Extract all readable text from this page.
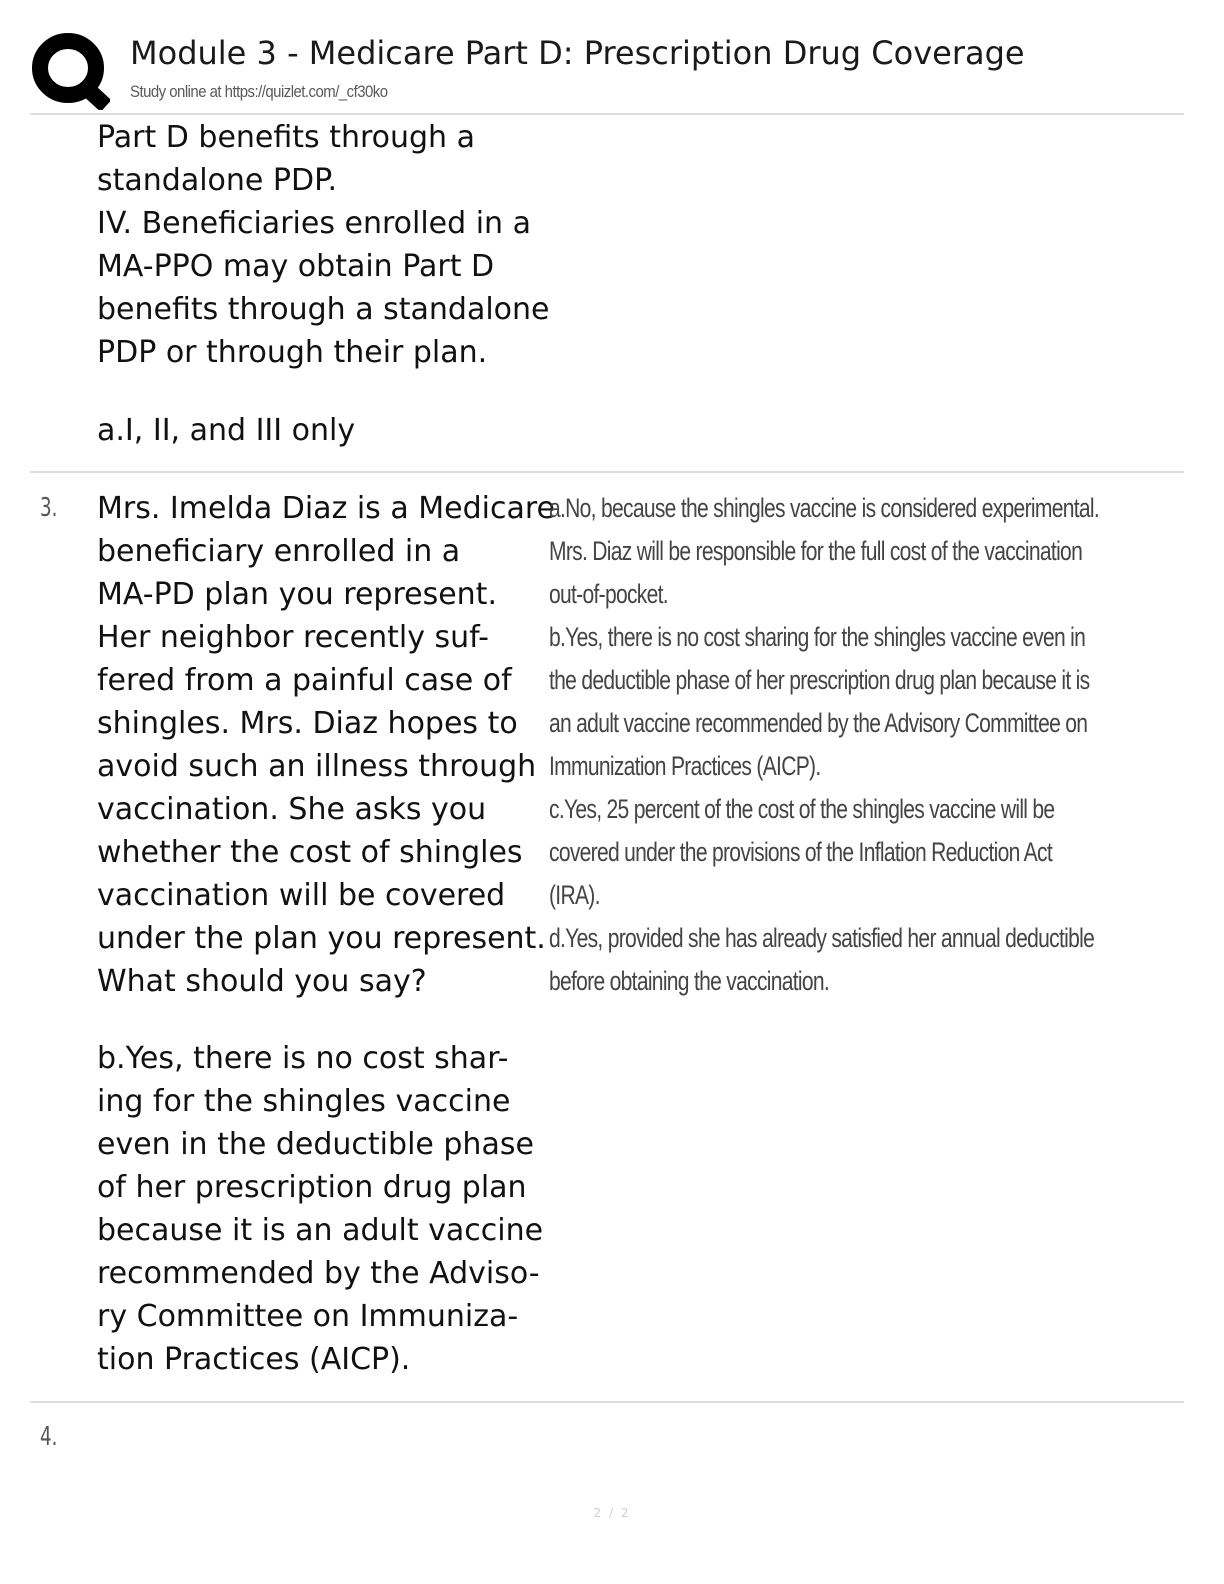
Module 3 - Medicare Part D: Prescription Drug Coverage
Study online at https://quizlet.com/_cf30ko
Part D benefits through a
standalone PDP.
IV. Beneficiaries enrolled in a
MA-PPO may obtain Part D
benefits through a standalone
PDP or through their plan.
a.I, II, and III only
3. Mrs. Imelda Diaz is a Medicare
beneficiary enrolled in a
MA-PD plan you represent.
Her neighbor recently suf-
fered from a painful case of
shingles. Mrs. Diaz hopes to
avoid such an illness through
vaccination. She asks you
whether the cost of shingles
vaccination will be covered
under the plan you represent.
What should you say?
a.No, because the shingles vaccine is considered experimental.
Mrs. Diaz will be responsible for the full cost of the vaccination
out-of-pocket.
b.Yes, there is no cost sharing for the shingles vaccine even in
the deductible phase of her prescription drug plan because it is
an adult vaccine recommended by the Advisory Committee on
Immunization Practices (AICP).
c.Yes, 25 percent of the cost of the shingles vaccine will be
covered under the provisions of the Inflation Reduction Act
(IRA).
d.Yes, provided she has already satisfied her annual deductible
before obtaining the vaccination.
b.Yes, there is no cost shar-
ing for the shingles vaccine
even in the deductible phase
of her prescription drug plan
because it is an adult vaccine
recommended by the Adviso-
ry Committee on Immuniza-
tion Practices (AICP).
4.
2 / 2
